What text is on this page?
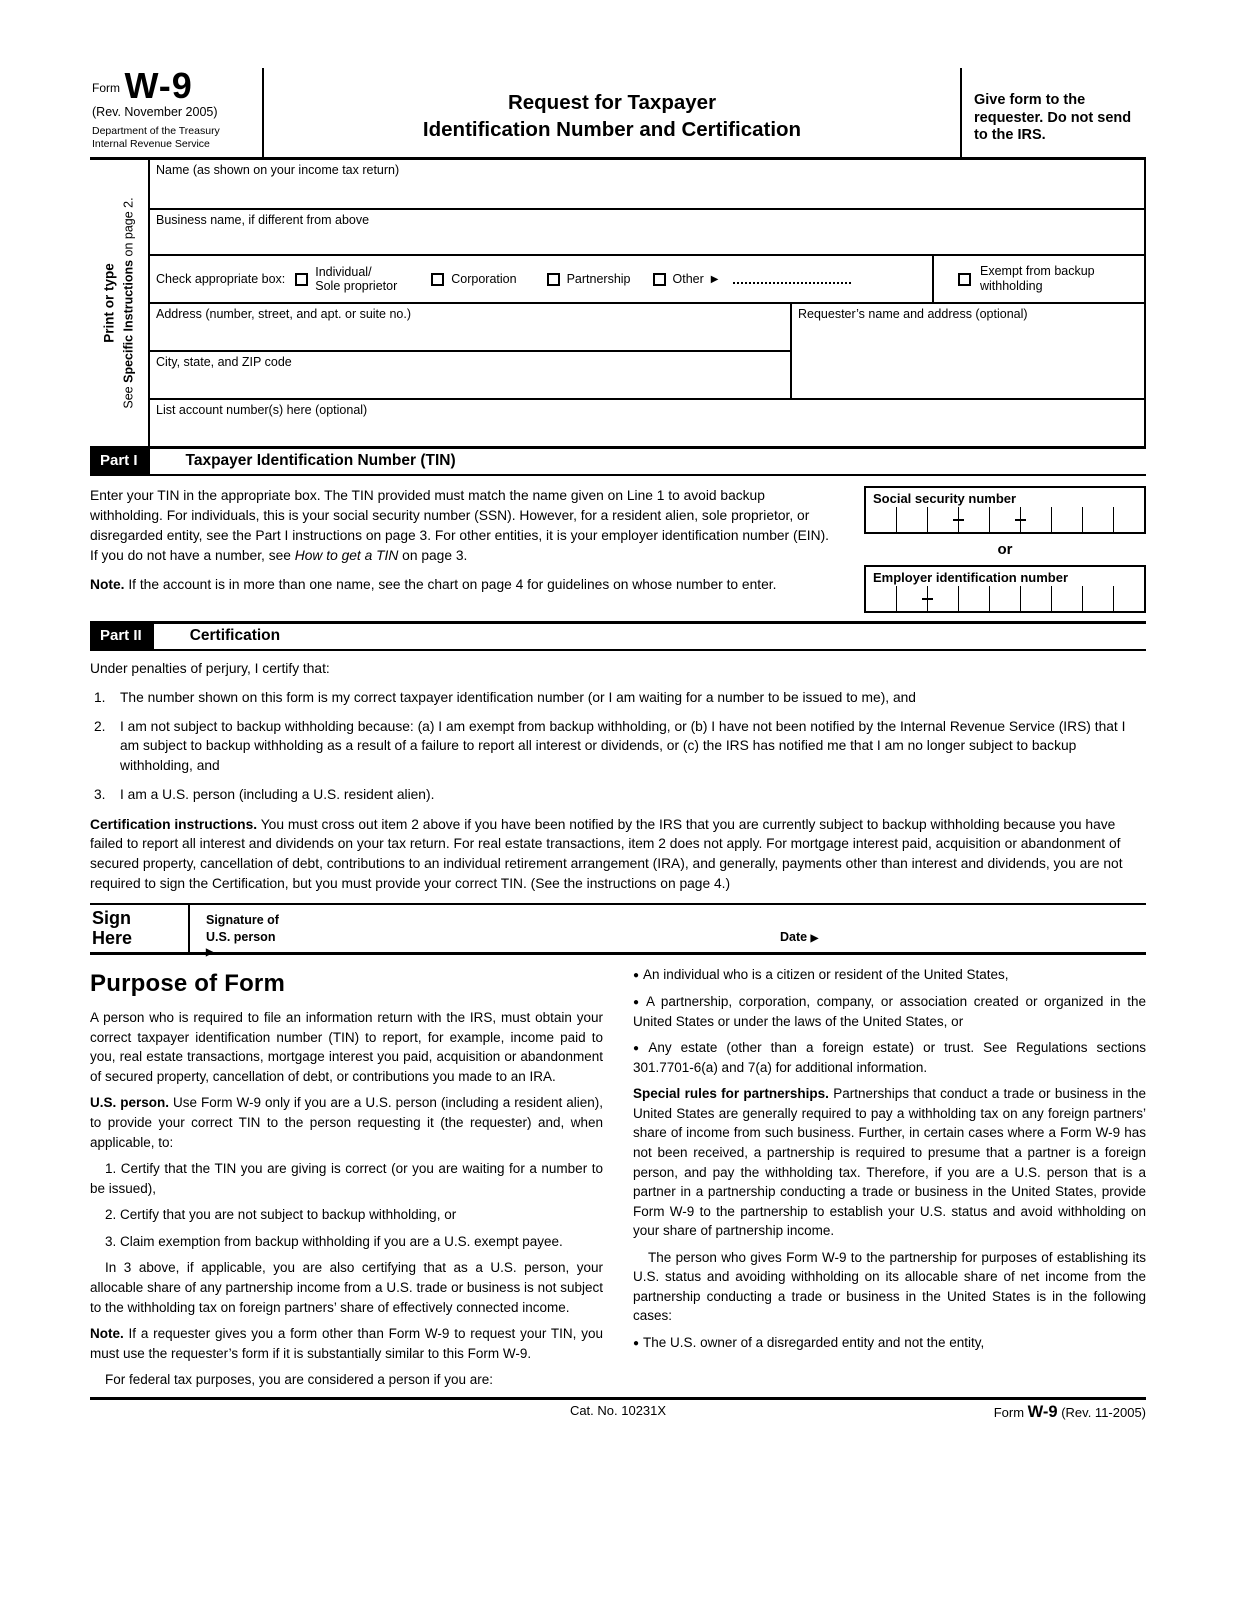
$^{Form}$ W-9
(Rev. November 2005)
Department of the Treasury
Internal Revenue Service
Request for Taxpayer
Identification Number and Certification
Give form to the requester. Do not send to the IRS.
Print or type
See Specific Instructions on page 2.
Name (as shown on your income tax return)
Business name, if different from above
Check appropriate box:
Individual/
Sole proprietor
Corporation	Partnership	Other ▶
Exempt from backup withholding
Address (number, street, and apt. or suite no.)
City, state, and ZIP code
Requester’s name and address (optional)
List account number(s) here (optional)
Part I	Taxpayer Identification Number (TIN)

Enter your TIN in the appropriate box. The TIN provided must match the name given on Line 1 to avoid backup withholding. For individuals, this is your social security number (SSN). However, for a resident alien, sole proprietor, or disregarded entity, see the Part I instructions on page 3. For other entities, it is your employer identification number (EIN). If you do not have a number, see How to get a TIN on page 3.

Note. If the account is in more than one name, see the chart on page 4 for guidelines on whose number to enter.

Social security number
or
Employer identification number
Part II	Certification
Under penalties of perjury, I certify that:
1.	The number shown on this form is my correct taxpayer identification number (or I am waiting for a number to be issued to me), and
2.	I am not subject to backup withholding because: (a) I am exempt from backup withholding, or (b) I have not been notified by the Internal Revenue Service (IRS) that I am subject to backup withholding as a result of a failure to report all interest or dividends, or (c) the IRS has notified me that I am no longer subject to backup withholding, and
3.	I am a U.S. person (including a U.S. resident alien).
Certification instructions. You must cross out item 2 above if you have been notified by the IRS that you are currently subject to backup withholding because you have failed to report all interest and dividends on your tax return. For real estate transactions, item 2 does not apply. For mortgage interest paid, acquisition or abandonment of secured property, cancellation of debt, contributions to an individual retirement arrangement (IRA), and generally, payments other than interest and dividends, you are not required to sign the Certification, but you must provide your correct TIN. (See the instructions on page 4.)
Sign
Here
Signature of
U.S. person
▶
Date ▶
Purpose of Form

A person who is required to file an information return with the IRS, must obtain your correct taxpayer identification number (TIN) to report, for example, income paid to you, real estate transactions, mortgage interest you paid, acquisition or abandonment of secured property, cancellation of debt, or contributions you made to an IRA.

U.S. person. Use Form W-9 only if you are a U.S. person (including a resident alien), to provide your correct TIN to the person requesting it (the requester) and, when applicable, to:

1. Certify that the TIN you are giving is correct (or you are waiting for a number to be issued),

2. Certify that you are not subject to backup withholding, or

3. Claim exemption from backup withholding if you are a U.S. exempt payee.

In 3 above, if applicable, you are also certifying that as a U.S. person, your allocable share of any partnership income from a U.S. trade or business is not subject to the withholding tax on foreign partners’ share of effectively connected income.

Note. If a requester gives you a form other than Form W-9 to request your TIN, you must use the requester’s form if it is substantially similar to this Form W-9.

For federal tax purposes, you are considered a person if you are:

● An individual who is a citizen or resident of the United States,

● A partnership, corporation, company, or association created or organized in the United States or under the laws of the United States, or

● Any estate (other than a foreign estate) or trust. See Regulations sections 301.7701-6(a) and 7(a) for additional information.

Special rules for partnerships. Partnerships that conduct a trade or business in the United States are generally required to pay a withholding tax on any foreign partners’ share of income from such business. Further, in certain cases where a Form W-9 has not been received, a partnership is required to presume that a partner is a foreign person, and pay the withholding tax. Therefore, if you are a U.S. person that is a partner in a partnership conducting a trade or business in the United States, provide Form W-9 to the partnership to establish your U.S. status and avoid withholding on your share of partnership income.

The person who gives Form W-9 to the partnership for purposes of establishing its U.S. status and avoiding withholding on its allocable share of net income from the partnership conducting a trade or business in the United States is in the following cases:

● The U.S. owner of a disregarded entity and not the entity,

Cat. No. 10231X	Form W-9 (Rev. 11-2005)
